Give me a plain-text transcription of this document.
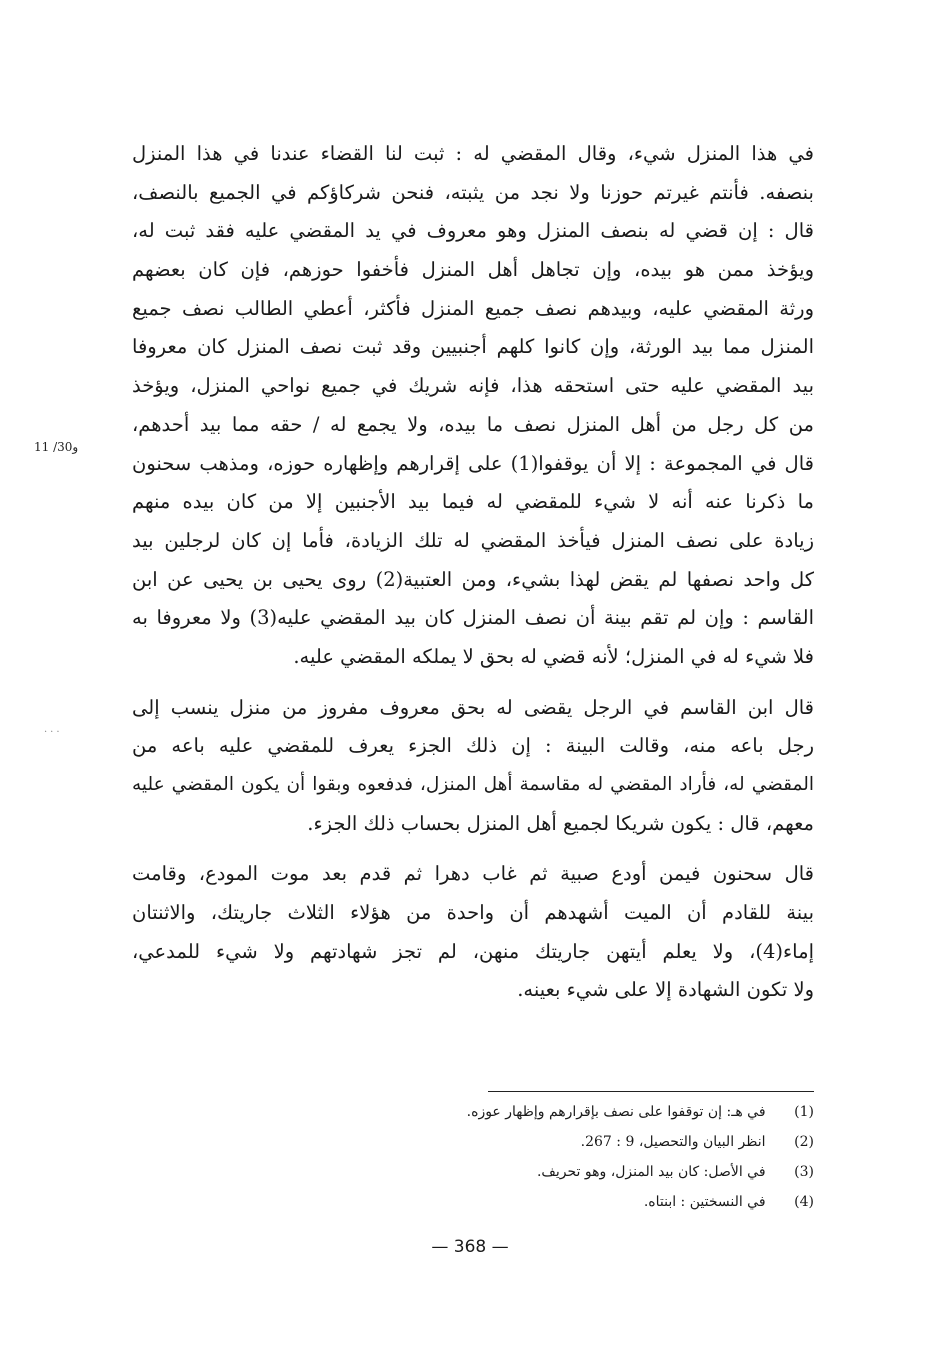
في هذا المنزل شيء، وقال المقضي له : ثبت لنا القضاء عندنا في هذا المنزل
بنصفه. فأنتم غيرتم حوزنا ولا نجد من يثبته، فنحن شركاؤكم في الجميع بالنصف،
قال : إن قضي له بنصف المنزل وهو معروف في يد المقضي عليه فقد ثبت له،
ويؤخذ ممن هو بيده، وإن تجاهل أهل المنزل فأخفوا حوزهم، فإن كان بعضهم
ورثة المقضي عليه، وبيدهم نصف جميع المنزل فأكثر، أعطي الطالب نصف جميع
المنزل مما بيد الورثة، وإن كانوا كلهم أجنبيين وقد ثبت نصف المنزل كان معروفا
بيد المقضي عليه حتى استحقه هذا، فإنه شريك في جميع نواحي المنزل، ويؤخذ
من كل رجل من أهل المنزل نصف ما بيده، ولا يجمع له / حقه مما بيد أحدهم،
قال في المجموعة : إلا أن يوقفوا(1) على إقرارهم وإظهاره حوزه، ومذهب سحنون
ما ذكرنا عنه أنه لا شيء للمقضي له فيما بيد الأجنبين إلا من كان بيده منهم
زيادة على نصف المنزل فيأخذ المقضي له تلك الزيادة، فأما إن كان لرجلين بيد
كل واحد نصفها لم يقض لهذا بشيء، ومن العتبية(2) روى يحيى بن يحيى عن ابن
القاسم : وإن لم تقم بينة أن نصف المنزل كان بيد المقضي عليه(3) ولا معروفا به
فلا شيء له في المنزل؛ لأنه قضي له بحق لا يملكه المقضي عليه.
قال ابن القاسم في الرجل يقضى له بحق معروف مفروز من منزل ينسب إلى
رجل باعه منه، وقالت البينة : إن ذلك الجزء يعرف للمقضي عليه باعه من
المقضي له، فأراد المقضي له مقاسمة أهل المنزل، فدفعوه وبقوا أن يكون المقضي عليه
معهم، قال : يكون شريكا لجميع أهل المنزل بحساب ذلك الجزء.
قال سحنون فيمن أودع صبية ثم غاب دهرا ثم قدم بعد موت المودع، وقامت
بينة للقادم أن الميت أشهدهم أن واحدة من هؤلاء الثلاث جاريتك، والاثنتان
إماء(4)، ولا يعلم أيتهن جاريتك منهن، لم تجز شهادتهم ولا شيء للمدعي،
ولا تكون الشهادة إلا على شيء بعينه.
11 /30و
...
(1) في هـ: إن توقفوا على نصف بإقرارهم وإظهار عوزه.
(2) انظر البيان والتحصيل، 9 : 267.
(3) في الأصل: كان بيد المنزل، وهو تحريف.
(4) في النسختين : ابنتاه.
— 368 —
